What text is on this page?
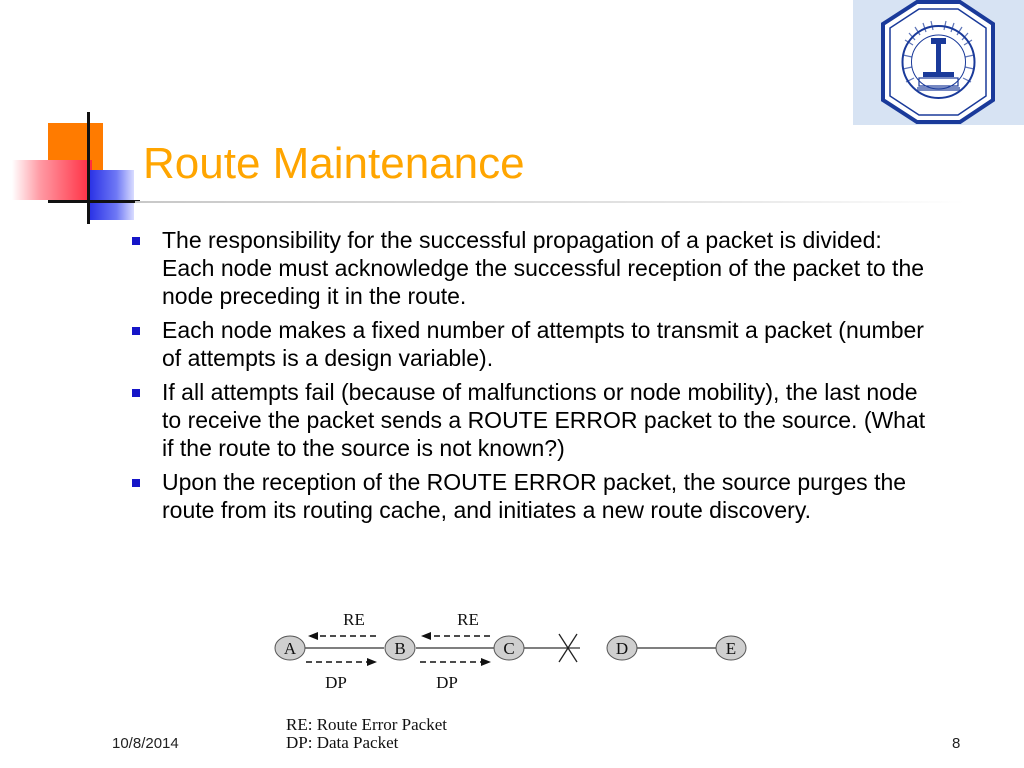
Route Maintenance
The responsibility for the successful propagation of a packet is divided: Each node must acknowledge the successful reception of the packet to the node preceding it in the route.
Each node makes a fixed number of attempts to transmit a packet (number of attempts is a design variable).
If all attempts fail (because of malfunctions or node mobility), the last node to receive the packet sends a ROUTE ERROR packet to the source. (What if the route to the source is not known?)
Upon the reception of the ROUTE ERROR packet, the source purges the route from its routing cache, and initiates a new route discovery.
RE	RE
DP	DP
A	B	C	D	E
RE: Route Error Packet
DP: Data Packet
10/8/2014	8
